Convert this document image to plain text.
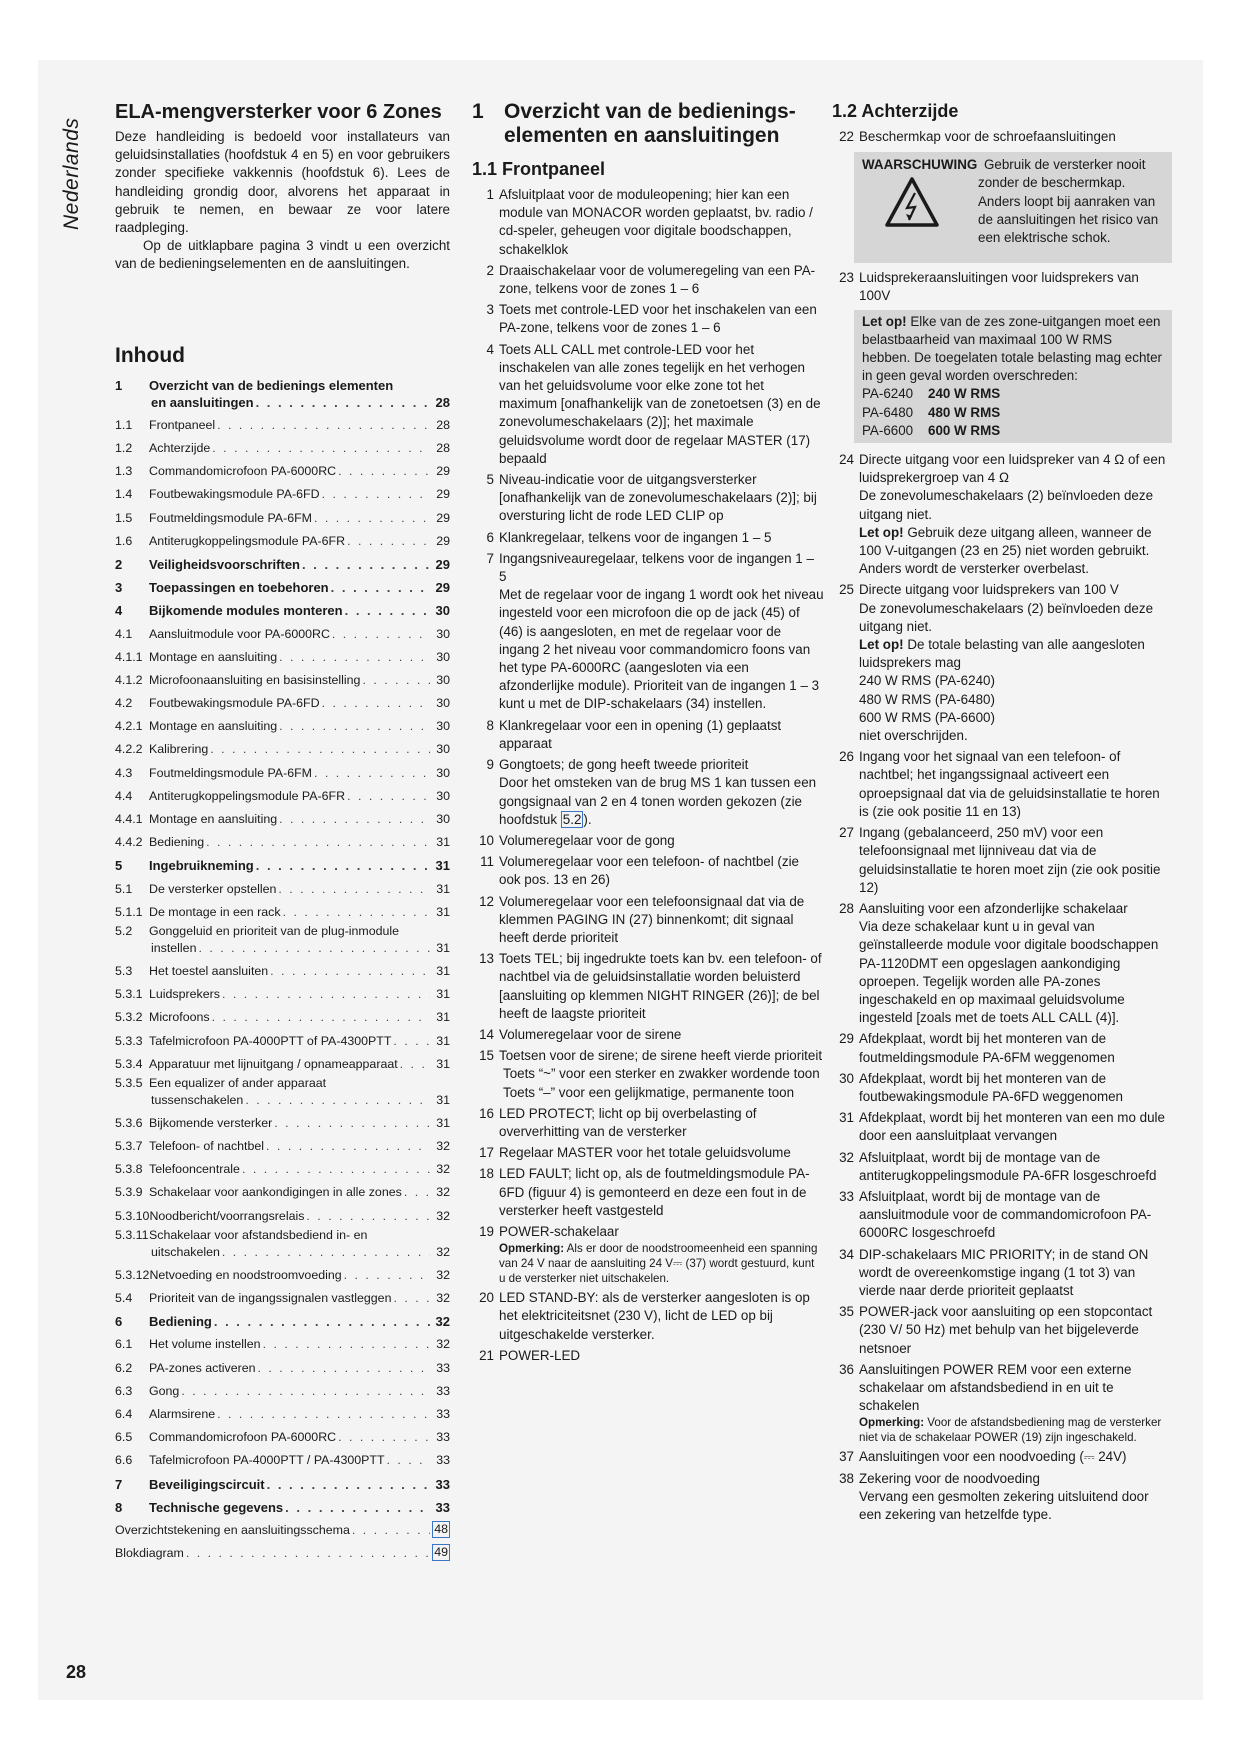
Nederlands
28
ELA-mengversterker voor 6 Zones

Deze handleiding is bedoeld voor installateurs van geluidsinstallaties (hoofdstuk 4 en 5) en voor gebruikers zonder specifieke vakkennis (hoofdstuk 6). Lees de handleiding grondig door, alvorens het apparaat in gebruik te nemen, en bewaar ze voor latere raadpleging.

Op de uitklapbare pagina 3 vindt u een overzicht van de bedieningselementen en de aansluitingen.

Inhoud
1	Overzicht van de bedienings elementen
en aansluitingen . . .	28
1.1	Frontpaneel . . .	28
1.2	Achterzijde . . .	28
1.3	Commandomicrofoon PA-6000RC . . .	29
1.4	Foutbewakingsmodule PA-6FD . . .	29
1.5	Foutmeldingsmodule PA-6FM . . .	29
1.6	Antiterugkoppelingsmodule PA-6FR . . .	29
2	Veiligheidsvoorschriften . . .	29
3	Toepassingen en toebehoren . . .	29
4	Bijkomende modules monteren . . .	30
4.1	Aansluitmodule voor PA-6000RC . . .	30
4.1.1 Montage en aansluiting . . .	30
4.1.2 Microfoonaansluiting en basisinstelling . . .	30
4.2	Foutbewakingsmodule PA-6FD . . .	30
4.2.1 Montage en aansluiting . . .	30
4.2.2 Kalibrering . . .	30
4.3	Foutmeldingsmodule PA-6FM . . .	30
4.4	Antiterugkoppelingsmodule PA-6FR . . .	30
4.4.1 Montage en aansluiting . . .	30
4.4.2 Bediening . . .	31
5	Ingebruikneming . . .	31
5.1	De versterker opstellen . . .	31
5.1.1 De montage in een rack . . .	31
5.2	Gonggeluid en prioriteit van de plug-inmodule
instellen . . .	31
5.3	Het toestel aansluiten . . .	31
5.3.1 Luidsprekers . . .	31
5.3.2 Microfoons . . .	31
5.3.3 Tafelmicrofoon PA-4000PTT of PA-4300PTT . . .	31
5.3.4 Apparatuur met lijnuitgang / opnameapparaat . . .	31
5.3.5 Een equalizer of ander apparaat
tussenschakelen . . .	31
5.3.6 Bijkomende versterker . . .	31
5.3.7 Telefoon- of nachtbel . . .	32
5.3.8 Telefooncentrale . . .	32
5.3.9 Schakelaar voor aankondigingen in alle zones . . .	32
5.3.10 Noodbericht/voorrangsrelais . . .	32
5.3.11 Schakelaar voor afstandsbediend in- en
uitschakelen . . .	32
5.3.12 Netvoeding en noodstroomvoeding . . .	32
5.4	Prioriteit van de ingangssignalen vastleggen . . .	32
6	Bediening . . .	32
6.1	Het volume instellen . . .	32
6.2	PA-zones activeren . . .	33
6.3	Gong . . .	33
6.4	Alarmsirene . . .	33
6.5	Commandomicrofoon PA-6000RC . . .	33
6.6	Tafelmicrofoon PA-4000PTT / PA-4300PTT . . .	33
7	Beveiligingscircuit . . .	33
8	Technische gegevens . . .	33
Overzichtstekening en aansluitingsschema . . .	48
Blokdiagram . . .	49
1 Overzicht van de bedienings-
elementen en aansluitingen
1.1 Frontpaneel
1 Afsluitplaat voor de moduleopening; hier kan een module van MONACOR worden geplaatst, bv. radio / cd-speler, geheugen voor digitale boodschappen, schakelklok
2 Draaischakelaar voor de volumeregeling van een PA-zone, telkens voor de zones 1 – 6
3 Toets met controle-LED voor het inschakelen van een PA-zone, telkens voor de zones 1 – 6
4 Toets ALL CALL met controle-LED voor het inschakelen van alle zones tegelijk en het verhogen van het geluidsvolume voor elke zone tot het maximum [onafhankelijk van de zonetoetsen (3) en de zonevolumeschakelaars (2)]; het maximale geluidsvolume wordt door de regelaar MASTER (17) bepaald
5 Niveau-indicatie voor de uitgangsversterker [onafhankelijk van de zonevolumeschakelaars (2)]; bij oversturing licht de rode LED CLIP op
6 Klankregelaar, telkens voor de ingangen 1 – 5
7 Ingangsniveauregelaar, telkens voor de ingangen 1 – 5
Met de regelaar voor de ingang 1 wordt ook het niveau ingesteld voor een microfoon die op de jack (45) of (46) is aangesloten, en met de regelaar voor de ingang 2 het niveau voor commandomicro foons van het type PA-6000RC (aangesloten via een afzonderlijke module). Prioriteit van de ingangen 1 – 3 kunt u met de DIP-schakelaars (34) instellen.
8 Klankregelaar voor een in opening (1) geplaatst apparaat
9 Gongtoets; de gong heeft tweede prioriteit
Door het omsteken van de brug MS 1 kan tussen een gongsignaal van 2 en 4 tonen worden gekozen (zie hoofdstuk 5.2 ).
10 Volumeregelaar voor de gong
11 Volumeregelaar voor een telefoon- of nachtbel (zie ook pos. 13 en 26)
12 Volumeregelaar voor een telefoonsignaal dat via de klemmen PAGING IN (27) binnenkomt; dit signaal heeft derde prioriteit
13 Toets TEL; bij ingedrukte toets kan bv. een telefoon- of nachtbel via de geluidsinstallatie worden beluisterd [aansluiting op klemmen NIGHT RINGER (26)]; de bel heeft de laagste prioriteit
14 Volumeregelaar voor de sirene
15 Toetsen voor de sirene; de sirene heeft vierde prioriteit
Toets “~” voor een sterker en zwakker wordende toon
Toets “–” voor een gelijkmatige, permanente toon
16 LED PROTECT; licht op bij overbelasting of oververhitting van de versterker
17 Regelaar MASTER voor het totale geluidsvolume
18 LED FAULT; licht op, als de foutmeldingsmodule PA-6FD (figuur 4) is gemonteerd en deze een fout in de versterker heeft vastgesteld
19 POWER-schakelaar
Opmerking: Als er door de noodstroomeenheid een spanning van 24 V naar de aansluiting 24 V⎓ (37) wordt gestuurd, kunt u de versterker niet uitschakelen.
20 LED STAND-BY: als de versterker aangesloten is op het elektriciteitsnet (230 V), licht de LED op bij uitgeschakelde versterker.
21 POWER-LED
1.2 Achterzijde
22 Beschermkap voor de schroefaansluitingen
WAARSCHUWING Gebruik de versterker nooit
zonder de beschermkap. Anders loopt bij aanraken van de aansluitingen het risico van een elektrische schok.
23 Luidsprekeraansluitingen voor luidsprekers van 100V
Let op! Elke van de zes zone-uitgangen moet een belastbaarheid van maximaal 100 W RMS hebben. De toegelaten totale belasting mag echter in geen geval worden overschreden:
PA-6240	240 W RMS
PA-6480	480 W RMS
PA-6600	600 W RMS
24 Directe uitgang voor een luidspreker van 4 Ω of een luidsprekergroep van 4 Ω
De zonevolumeschakelaars (2) beïnvloeden deze uitgang niet.
Let op! Gebruik deze uitgang alleen, wanneer de 100 V-uitgangen (23 en 25) niet worden gebruikt. Anders wordt de versterker overbelast.
25 Directe uitgang voor luidsprekers van 100 V
De zonevolumeschakelaars (2) beïnvloeden deze uitgang niet.
Let op! De totale belasting van alle aangesloten luidsprekers mag
240 W RMS (PA-6240)
480 W RMS (PA-6480)
600 W RMS (PA-6600)
niet overschrijden.
26 Ingang voor het signaal van een telefoon- of nachtbel; het ingangssignaal activeert een oproepsignaal dat via de geluidsinstallatie te horen is (zie ook positie 11 en 13)
27 Ingang (gebalanceerd, 250 mV) voor een telefoonsignaal met lijnniveau dat via de geluidsinstallatie te horen moet zijn (zie ook positie 12)
28 Aansluiting voor een afzonderlijke schakelaar
Via deze schakelaar kunt u in geval van geïnstalleerde module voor digitale boodschappen PA-1120DMT een opgeslagen aankondiging oproepen. Tegelijk worden alle PA-zones ingeschakeld en op maximaal geluidsvolume ingesteld [zoals met de toets ALL CALL (4)].
29 Afdekplaat, wordt bij het monteren van de foutmeldingsmodule PA-6FM weggenomen
30 Afdekplaat, wordt bij het monteren van de foutbewakingsmodule PA-6FD weggenomen
31 Afdekplaat, wordt bij het monteren van een mo dule door een aansluitplaat vervangen
32 Afsluitplaat, wordt bij de montage van de antiterugkoppelingsmodule PA-6FR losgeschroefd
33 Afsluitplaat, wordt bij de montage van de aansluitmodule voor de commandomicrofoon PA-6000RC losgeschroefd
34 DIP-schakelaars MIC PRIORITY; in de stand ON wordt de overeenkomstige ingang (1 tot 3) van vierde naar derde prioriteit geplaatst
35 POWER-jack voor aansluiting op een stopcontact (230 V/ 50 Hz) met behulp van het bijgeleverde netsnoer
36 Aansluitingen POWER REM voor een externe schakelaar om afstandsbediend in en uit te schakelen
Opmerking: Voor de afstandsbediening mag de versterker niet via de schakelaar POWER (19) zijn ingeschakeld.
37 Aansluitingen voor een noodvoeding (⎓ 24V)
38 Zekering voor de noodvoeding
Vervang een gesmolten zekering uitsluitend door een zekering van hetzelfde type.
